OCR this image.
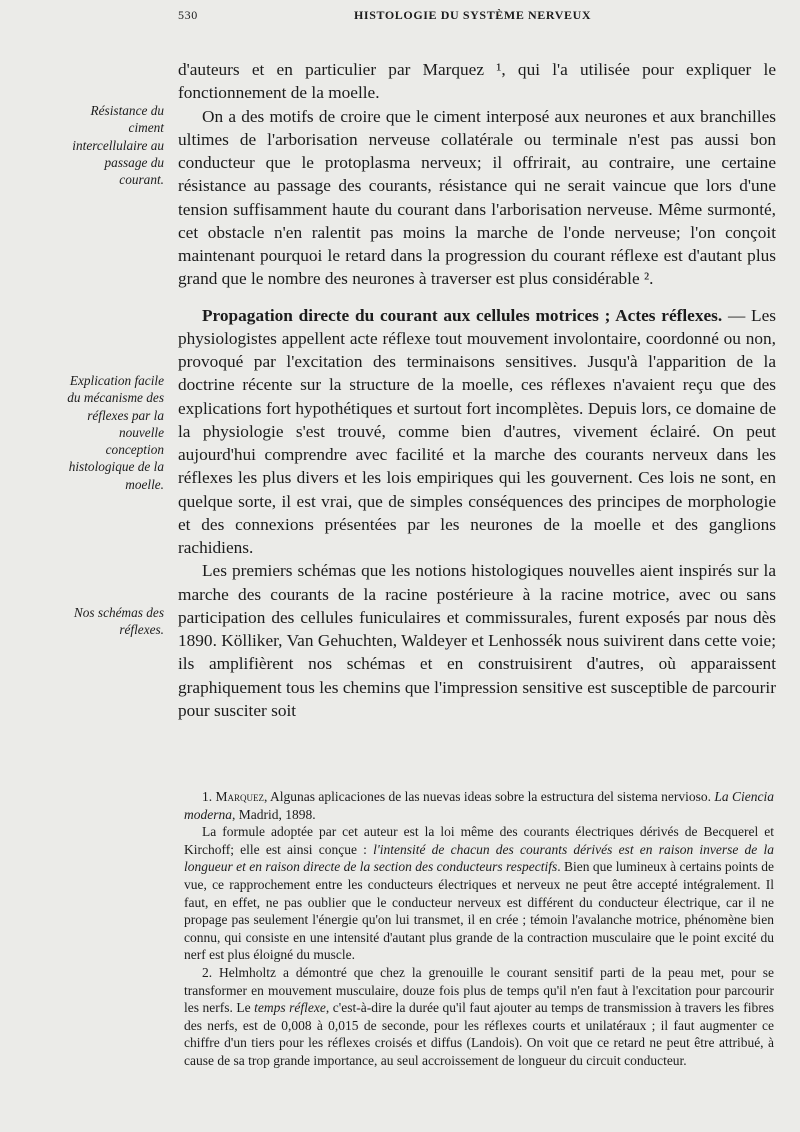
530	HISTOLOGIE DU SYSTÈME NERVEUX
Résistance du ciment intercellulaire au passage du courant.
Explication facile du mécanisme des réflexes par la nouvelle conception histologique de la moelle.
Nos schémas des réflexes.

d'auteurs et en particulier par Marquez ¹, qui l'a utilisée pour expliquer le fonctionnement de la moelle.

On a des motifs de croire que le ciment interposé aux neurones et aux branchilles ultimes de l'arborisation nerveuse collatérale ou terminale n'est pas aussi bon conducteur que le protoplasma nerveux; il offrirait, au contraire, une certaine résistance au passage des courants, résistance qui ne serait vaincue que lors d'une tension suffisamment haute du courant dans l'arborisation nerveuse. Même surmonté, cet obstacle n'en ralentit pas moins la marche de l'onde nerveuse; l'on conçoit maintenant pourquoi le retard dans la progression du courant réflexe est d'autant plus grand que le nombre des neurones à traverser est plus considérable ².

Propagation directe du courant aux cellules motrices ; Actes réflexes. — Les physiologistes appellent acte réflexe tout mouvement involontaire, coordonné ou non, provoqué par l'excitation des terminaisons sensitives. Jusqu'à l'apparition de la doctrine récente sur la structure de la moelle, ces réflexes n'avaient reçu que des explications fort hypothétiques et surtout fort incomplètes. Depuis lors, ce domaine de la physiologie s'est trouvé, comme bien d'autres, vivement éclairé. On peut aujourd'hui comprendre avec facilité et la marche des courants nerveux dans les réflexes les plus divers et les lois empiriques qui les gouvernent. Ces lois ne sont, en quelque sorte, il est vrai, que de simples conséquences des principes de morphologie et des connexions présentées par les neurones de la moelle et des ganglions rachidiens.

Les premiers schémas que les notions histologiques nouvelles aient inspirés sur la marche des courants de la racine postérieure à la racine motrice, avec ou sans participation des cellules funiculaires et commissurales, furent exposés par nous dès 1890. Kölliker, Van Gehuchten, Waldeyer et Lenhossék nous suivirent dans cette voie; ils amplifièrent nos schémas et en construisirent d'autres, où apparaissent graphiquement tous les chemins que l'impression sensitive est susceptible de parcourir pour susciter soit

1. Marquez, Algunas aplicaciones de las nuevas ideas sobre la estructura del sistema nervioso. La Ciencia moderna, Madrid, 1898.

La formule adoptée par cet auteur est la loi même des courants électriques dérivés de Becquerel et Kirchoff; elle est ainsi conçue : l'intensité de chacun des courants dérivés est en raison inverse de la longueur et en raison directe de la section des conducteurs respectifs. Bien que lumineux à certains points de vue, ce rapprochement entre les conducteurs électriques et nerveux ne peut être accepté intégralement. Il faut, en effet, ne pas oublier que le conducteur nerveux est différent du conducteur électrique, car il ne propage pas seulement l'énergie qu'on lui transmet, il en crée ; témoin l'avalanche motrice, phénomène bien connu, qui consiste en une intensité d'autant plus grande de la contraction musculaire que le point excité du nerf est plus éloigné du muscle.

2. Helmholtz a démontré que chez la grenouille le courant sensitif parti de la peau met, pour se transformer en mouvement musculaire, douze fois plus de temps qu'il n'en faut à l'excitation pour parcourir les nerfs. Le temps réflexe, c'est-à-dire la durée qu'il faut ajouter au temps de transmission à travers les fibres des nerfs, est de 0,008 à 0,015 de seconde, pour les réflexes courts et unilatéraux ; il faut augmenter ce chiffre d'un tiers pour les réflexes croisés et diffus (Landois). On voit que ce retard ne peut être attribué, à cause de sa trop grande importance, au seul accroissement de longueur du circuit conducteur.
